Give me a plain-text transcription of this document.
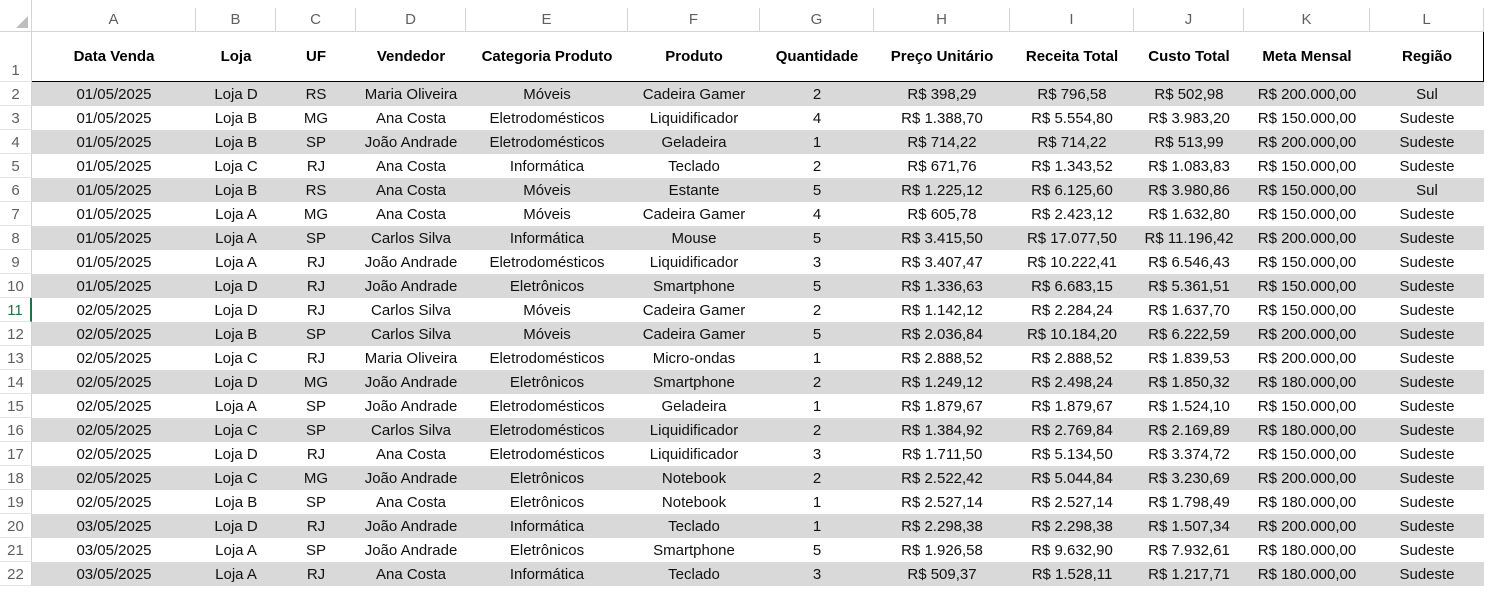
A	B	C	D	E	F	G	H	I	J	K	L
1
2
3
4
5
6
7
8
9
10
11
12
13
14
15
16
17
18
19
20
21
22
Data Venda	Loja	UF	Vendedor	Categoria Produto	Produto	Quantidade	Preço Unitário	Receita Total	Custo Total	Meta Mensal	Região
01/05/2025	Loja D	RS	Maria Oliveira	Móveis	Cadeira Gamer	2	R$ 398,29	R$ 796,58	R$ 502,98	R$ 200.000,00	Sul
01/05/2025	Loja B	MG	Ana Costa	Eletrodomésticos	Liquidificador	4	R$ 1.388,70	R$ 5.554,80	R$ 3.983,20	R$ 150.000,00	Sudeste
01/05/2025	Loja B	SP	João Andrade	Eletrodomésticos	Geladeira	1	R$ 714,22	R$ 714,22	R$ 513,99	R$ 200.000,00	Sudeste
01/05/2025	Loja C	RJ	Ana Costa	Informática	Teclado	2	R$ 671,76	R$ 1.343,52	R$ 1.083,83	R$ 150.000,00	Sudeste
01/05/2025	Loja B	RS	Ana Costa	Móveis	Estante	5	R$ 1.225,12	R$ 6.125,60	R$ 3.980,86	R$ 150.000,00	Sul
01/05/2025	Loja A	MG	Ana Costa	Móveis	Cadeira Gamer	4	R$ 605,78	R$ 2.423,12	R$ 1.632,80	R$ 150.000,00	Sudeste
01/05/2025	Loja A	SP	Carlos Silva	Informática	Mouse	5	R$ 3.415,50	R$ 17.077,50	R$ 11.196,42	R$ 200.000,00	Sudeste
01/05/2025	Loja A	RJ	João Andrade	Eletrodomésticos	Liquidificador	3	R$ 3.407,47	R$ 10.222,41	R$ 6.546,43	R$ 150.000,00	Sudeste
01/05/2025	Loja D	RJ	João Andrade	Eletrônicos	Smartphone	5	R$ 1.336,63	R$ 6.683,15	R$ 5.361,51	R$ 150.000,00	Sudeste
02/05/2025	Loja D	RJ	Carlos Silva	Móveis	Cadeira Gamer	2	R$ 1.142,12	R$ 2.284,24	R$ 1.637,70	R$ 150.000,00	Sudeste
02/05/2025	Loja B	SP	Carlos Silva	Móveis	Cadeira Gamer	5	R$ 2.036,84	R$ 10.184,20	R$ 6.222,59	R$ 200.000,00	Sudeste
02/05/2025	Loja C	RJ	Maria Oliveira	Eletrodomésticos	Micro-ondas	1	R$ 2.888,52	R$ 2.888,52	R$ 1.839,53	R$ 200.000,00	Sudeste
02/05/2025	Loja D	MG	João Andrade	Eletrônicos	Smartphone	2	R$ 1.249,12	R$ 2.498,24	R$ 1.850,32	R$ 180.000,00	Sudeste
02/05/2025	Loja A	SP	João Andrade	Eletrodomésticos	Geladeira	1	R$ 1.879,67	R$ 1.879,67	R$ 1.524,10	R$ 150.000,00	Sudeste
02/05/2025	Loja C	SP	Carlos Silva	Eletrodomésticos	Liquidificador	2	R$ 1.384,92	R$ 2.769,84	R$ 2.169,89	R$ 180.000,00	Sudeste
02/05/2025	Loja D	RJ	Ana Costa	Eletrodomésticos	Liquidificador	3	R$ 1.711,50	R$ 5.134,50	R$ 3.374,72	R$ 150.000,00	Sudeste
02/05/2025	Loja C	MG	João Andrade	Eletrônicos	Notebook	2	R$ 2.522,42	R$ 5.044,84	R$ 3.230,69	R$ 200.000,00	Sudeste
02/05/2025	Loja B	SP	Ana Costa	Eletrônicos	Notebook	1	R$ 2.527,14	R$ 2.527,14	R$ 1.798,49	R$ 180.000,00	Sudeste
03/05/2025	Loja D	RJ	João Andrade	Informática	Teclado	1	R$ 2.298,38	R$ 2.298,38	R$ 1.507,34	R$ 200.000,00	Sudeste
03/05/2025	Loja A	SP	João Andrade	Eletrônicos	Smartphone	5	R$ 1.926,58	R$ 9.632,90	R$ 7.932,61	R$ 180.000,00	Sudeste
03/05/2025	Loja A	RJ	Ana Costa	Informática	Teclado	3	R$ 509,37	R$ 1.528,11	R$ 1.217,71	R$ 180.000,00	Sudeste
